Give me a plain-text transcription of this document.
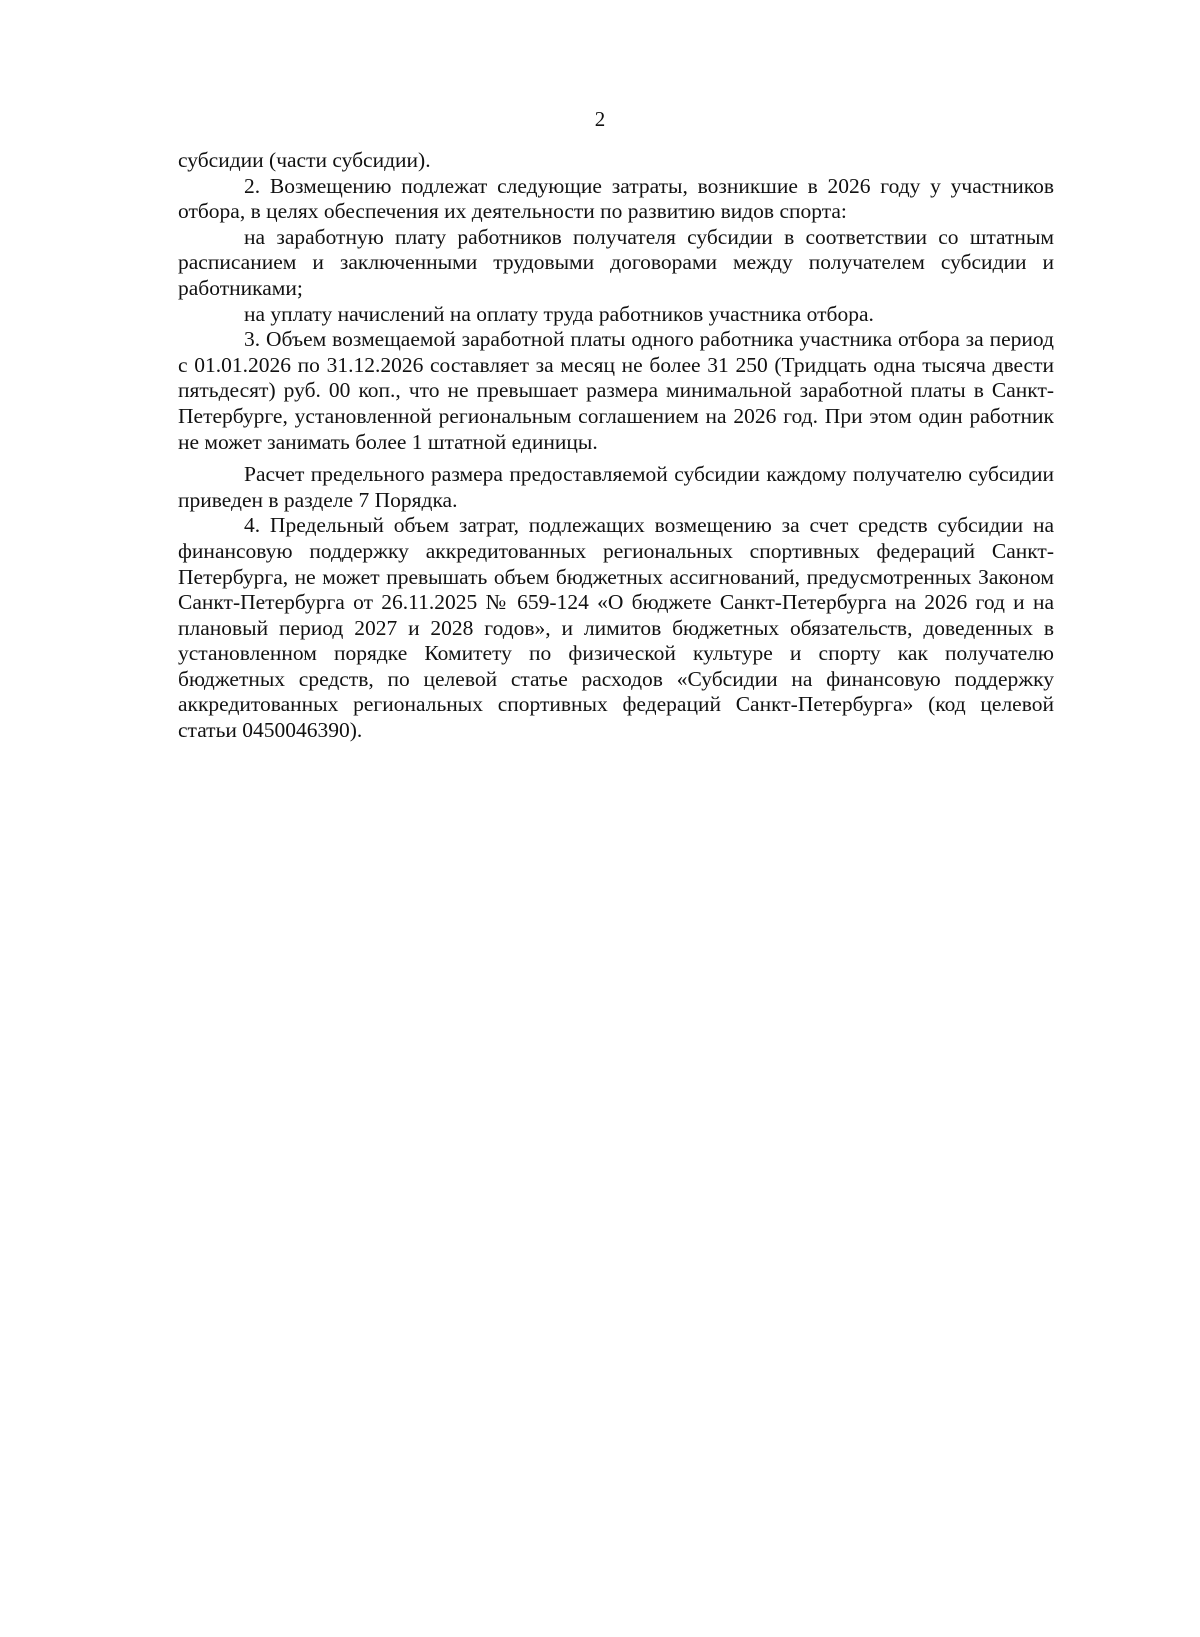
2

субсидии (части субсидии).

2. Возмещению подлежат следующие затраты, возникшие в 2026 году у участников отбора, в целях обеспечения их деятельности по развитию видов спорта:

на заработную плату работников получателя субсидии в соответствии со штатным расписанием и заключенными трудовыми договорами между получателем субсидии и работниками;

на уплату начислений на оплату труда работников участника отбора.

3. Объем возмещаемой заработной платы одного работника участника отбора за период с 01.01.2026 по 31.12.2026 составляет за месяц не более 31 250 (Тридцать одна тысяча двести пятьдесят) руб. 00 коп., что не превышает размера минимальной заработной платы в Санкт-Петербурге, установленной региональным соглашением на 2026 год. При этом один работник не может занимать более 1 штатной единицы.

Расчет предельного размера предоставляемой субсидии каждому получателю субсидии приведен в разделе 7 Порядка.

4. Предельный объем затрат, подлежащих возмещению за счет средств субсидии на финансовую поддержку аккредитованных региональных спортивных федераций Санкт-Петербурга, не может превышать объем бюджетных ассигнований, предусмотренных Законом Санкт-Петербурга от 26.11.2025 № 659-124 «О бюджете Санкт-Петербурга на 2026 год и на плановый период 2027 и 2028 годов», и лимитов бюджетных обязательств, доведенных в установленном порядке Комитету по физической культуре и спорту как получателю бюджетных средств, по целевой статье расходов «Субсидии на финансовую поддержку аккредитованных региональных спортивных федераций Санкт-Петербурга» (код целевой статьи 0450046390).
